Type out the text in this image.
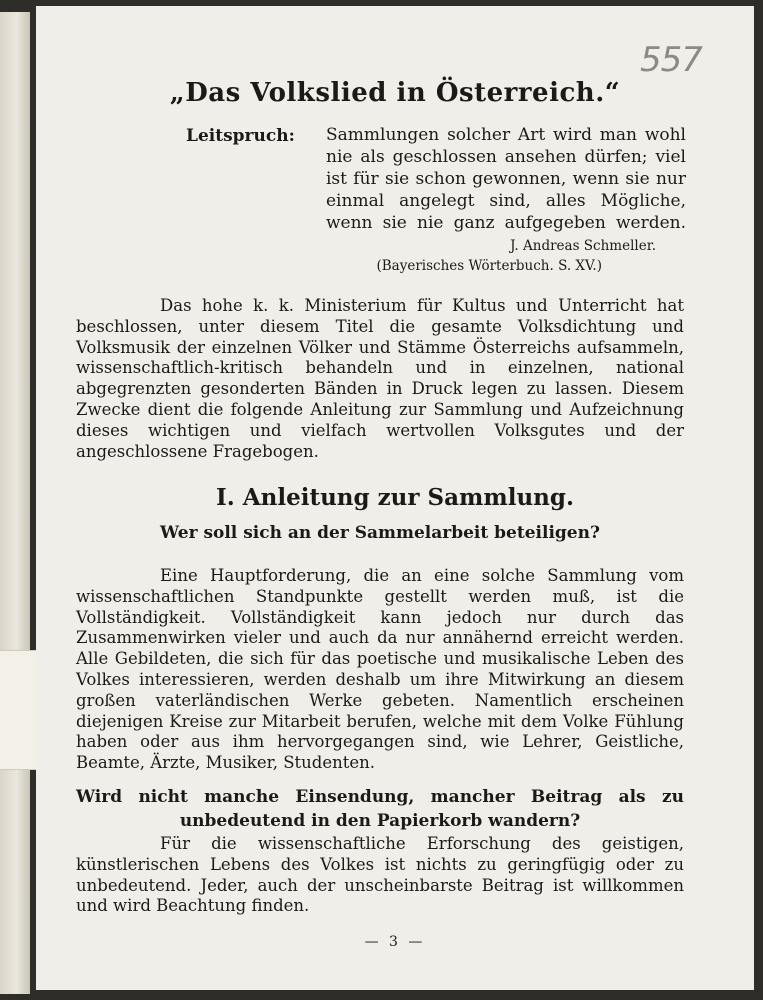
557
„Das Volkslied in Österreich.“
Leitspruch: Sammlungen solcher Art wird man wohl nie als geschlossen ansehen dürfen; viel ist für sie schon gewonnen, wenn sie nur einmal angelegt sind, alles Mögliche, wenn sie nie ganz aufgegeben werden.

J. Andreas Schmeller.
(Bayerisches Wörterbuch. S. XV.)

Das hohe k. k. Ministerium für Kultus und Unterricht hat beschlossen, unter diesem Titel die gesamte Volksdichtung und Volksmusik der einzelnen Völker und Stämme Österreichs aufsammeln, wissenschaftlich-kritisch behandeln und in einzelnen, national abgegrenzten gesonderten Bänden in Druck legen zu lassen. Diesem Zwecke dient die folgende Anleitung zur Sammlung und Aufzeichnung dieses wichtigen und vielfach wertvollen Volksgutes und der angeschlossene Fragebogen.

I. Anleitung zur Sammlung.

Wer soll sich an der Sammelarbeit beteiligen?

Eine Hauptforderung, die an eine solche Sammlung vom wissenschaftlichen Standpunkte gestellt werden muß, ist die Vollständigkeit. Vollständigkeit kann jedoch nur durch das Zusammenwirken vieler und auch da nur annähernd erreicht werden. Alle Gebildeten, die sich für das poetische und musikalische Leben des Volkes interessieren, werden deshalb um ihre Mitwirkung an diesem großen vaterländischen Werke gebeten. Namentlich erscheinen diejenigen Kreise zur Mitarbeit berufen, welche mit dem Volke Fühlung haben oder aus ihm hervorgegangen sind, wie Lehrer, Geistliche, Beamte, Ärzte, Musiker, Studenten.

Wird nicht manche Einsendung, mancher Beitrag als zu unbedeutend in den Papierkorb wandern?

Für die wissenschaftliche Erforschung des geistigen, künstlerischen Lebens des Volkes ist nichts zu geringfügig oder zu unbedeutend. Jeder, auch der unscheinbarste Beitrag ist willkommen und wird Beachtung finden.

— 3 —
